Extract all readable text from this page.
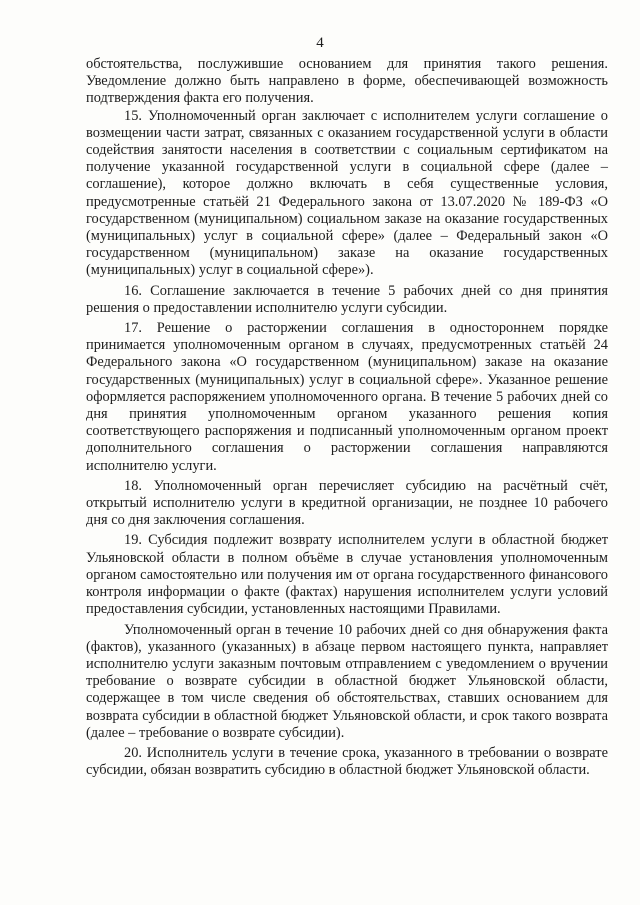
4

обстоятельства, послужившие основанием для принятия такого решения. Уведомление должно быть направлено в форме, обеспечивающей возможность подтверждения факта его получения.

15. Уполномоченный орган заключает с исполнителем услуги соглашение о возмещении части затрат, связанных с оказанием государственной услуги в области содействия занятости населения в соответствии с социальным сертификатом на получение указанной государственной услуги в социальной сфере (далее – соглашение), которое должно включать в себя существенные условия, предусмотренные статьёй 21 Федерального закона от 13.07.2020 № 189-ФЗ «О государственном (муниципальном) социальном заказе на оказание государственных (муниципальных) услуг в социальной сфере» (далее – Федеральный закон «О государственном (муниципальном) заказе на оказание государственных (муниципальных) услуг в социальной сфере»).

16. Соглашение заключается в течение 5 рабочих дней со дня принятия решения о предоставлении исполнителю услуги субсидии.

17. Решение о расторжении соглашения в одностороннем порядке принимается уполномоченным органом в случаях, предусмотренных статьёй 24 Федерального закона «О государственном (муниципальном) заказе на оказание государственных (муниципальных) услуг в социальной сфере». Указанное решение оформляется распоряжением уполномоченного органа. В течение 5 рабочих дней со дня принятия уполномоченным органом указанного решения копия соответствующего распоряжения и подписанный уполномоченным органом проект дополнительного соглашения о расторжении соглашения направляются исполнителю услуги.

18. Уполномоченный орган перечисляет субсидию на расчётный счёт, открытый исполнителю услуги в кредитной организации, не позднее 10 рабочего дня со дня заключения соглашения.

19. Субсидия подлежит возврату исполнителем услуги в областной бюджет Ульяновской области в полном объёме в случае установления уполномоченным органом самостоятельно или получения им от органа государственного финансового контроля информации о факте (фактах) нарушения исполнителем услуги условий предоставления субсидии, установленных настоящими Правилами.

Уполномоченный орган в течение 10 рабочих дней со дня обнаружения факта (фактов), указанного (указанных) в абзаце первом настоящего пункта, направляет исполнителю услуги заказным почтовым отправлением с уведомлением о вручении требование о возврате субсидии в областной бюджет Ульяновской области, содержащее в том числе сведения об обстоятельствах, ставших основанием для возврата субсидии в областной бюджет Ульяновской области, и срок такого возврата (далее – требование о возврате субсидии).

20. Исполнитель услуги в течение срока, указанного в требовании о возврате субсидии, обязан возвратить субсидию в областной бюджет Ульяновской области.
